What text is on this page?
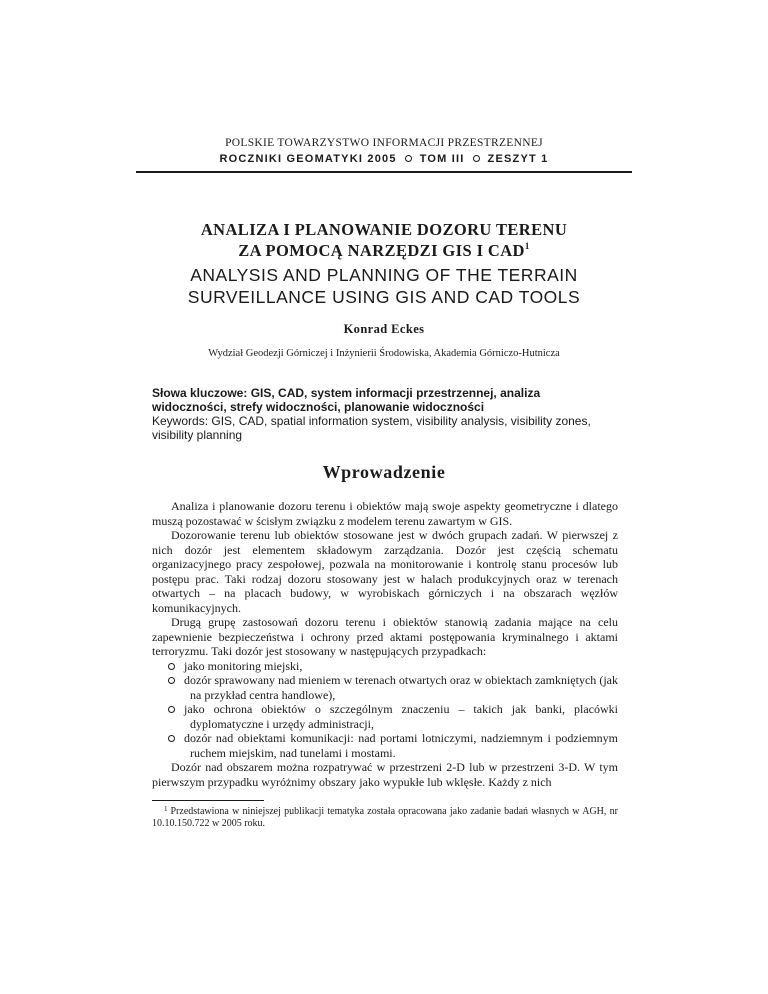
POLSKIE TOWARZYSTWO INFORMACJI PRZESTRZENNEJ
ROCZNIKI GEOMATYKI 2005 TOM III ZESZYT 1
ANALIZA I PLANOWANIE DOZORU TERENU
ZA POMOCĄ NARZĘDZI GIS I CAD$^1$
ANALYSIS AND PLANNING OF THE TERRAIN
SURVEILLANCE USING GIS AND CAD TOOLS
Konrad Eckes
Wydział Geodezji Górniczej i Inżynierii Środowiska, Akademia Górniczo-Hutnicza
Słowa kluczowe: GIS, CAD, system informacji przestrzennej, analiza widoczności, strefy widoczności, planowanie widoczności
Keywords: GIS, CAD, spatial information system, visibility analysis, visibility zones, visibility planning
Wprowadzenie

Analiza i planowanie dozoru terenu i obiektów mają swoje aspekty geometryczne i dlatego muszą pozostawać w ścisłym związku z modelem terenu zawartym w GIS.

Dozorowanie terenu lub obiektów stosowane jest w dwóch grupach zadań. W pierwszej z nich dozór jest elementem składowym zarządzania. Dozór jest częścią schematu organizacyjnego pracy zespołowej, pozwala na monitorowanie i kontrolę stanu procesów lub postępu prac. Taki rodzaj dozoru stosowany jest w halach produkcyjnych oraz w terenach otwartych – na placach budowy, w wyrobiskach górniczych i na obszarach węzłów komunikacyjnych.

Drugą grupę zastosowań dozoru terenu i obiektów stanowią zadania mające na celu zapewnienie bezpieczeństwa i ochrony przed aktami postępowania kryminalnego i aktami terroryzmu. Taki dozór jest stosowany w następujących przypadkach:

jako monitoring miejski,
dozór sprawowany nad mieniem w terenach otwartych oraz w obiektach zamkniętych (jak na przykład centra handlowe),
jako ochrona obiektów o szczególnym znaczeniu – takich jak banki, placówki dyplomatyczne i urzędy administracji,
dozór nad obiektami komunikacji: nad portami lotniczymi, nadziemnym i podziemnym ruchem miejskim, nad tunelami i mostami.

Dozór nad obszarem można rozpatrywać w przestrzeni 2-D lub w przestrzeni 3-D. W tym pierwszym przypadku wyróżnimy obszary jako wypukłe lub wklęsłe. Każdy z nich

$^1$ Przedstawiona w niniejszej publikacji tematyka została opracowana jako zadanie badań własnych w AGH, nr 10.10.150.722 w 2005 roku.
